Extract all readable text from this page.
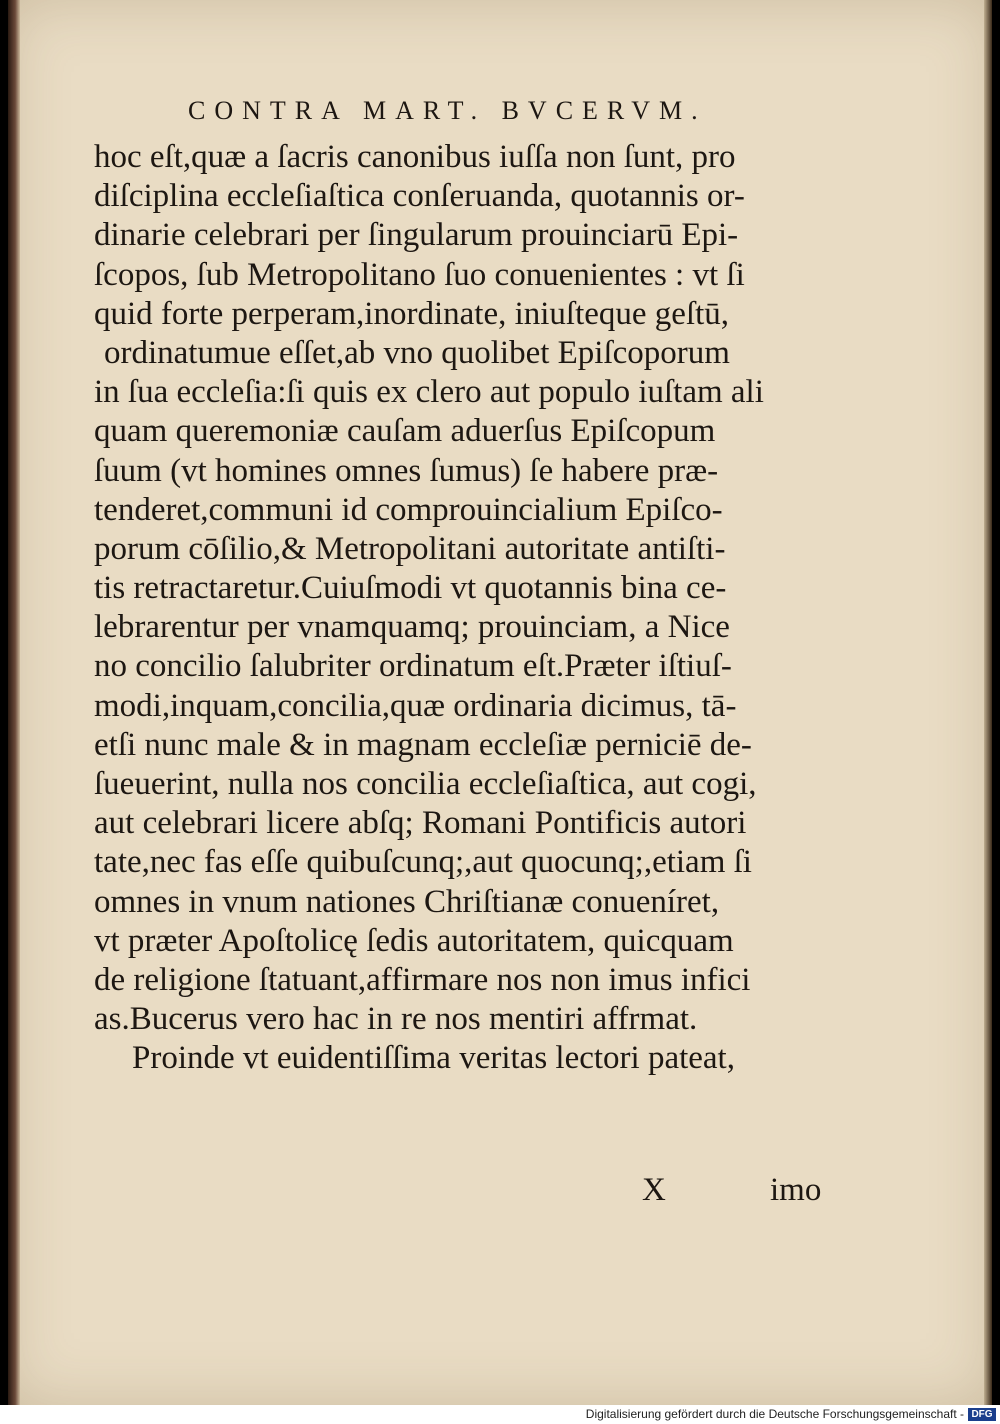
CONTRA MART. BVCERVM.
hoc eſt,quæ a ſacris canonibus iuſſa non ſunt, pro
diſciplina eccleſiaſtica conſeruanda, quotannis or-
dinarie celebrari per ſingularum prouinciarū Epi-
ſcopos, ſub Metropolitano ſuo conuenientes : vt ſi
quid forte perperam,inordinate, iniuſteque geſtū,
ordinatumue eſſet,ab vno quolibet Epiſcoporum
in ſua eccleſia:ſi quis ex clero aut populo iuſtam ali
quam queremoniæ cauſam aduerſus Epiſcopum
ſuum (vt homines omnes ſumus) ſe habere præ-
tenderet,communi id comprouincialium Epiſco-
porum cōſilio,& Metropolitani autoritate antiſti-
tis retractaretur.Cuiuſmodi vt quotannis bina ce-
lebrarentur per vnamquamq; prouinciam, a Nice
no concilio ſalubriter ordinatum eſt.Præter iſtiuſ-
modi,inquam,concilia,quæ ordinaria dicimus, tā-
etſi nunc male & in magnam eccleſiæ perniciē de-
ſueuerint, nulla nos concilia eccleſiaſtica, aut cogi,
aut celebrari licere abſq; Romani Pontificis autori
tate,nec fas eſſe quibuſcunq;,aut quocunq;,etiam ſi
omnes in vnum nationes Chriſtianæ conueníret,
vt præter Apoſtolicę ſedis autoritatem, quicquam
de religione ſtatuant,affirmare nos non imus infici
as.Bucerus vero hac in re nos mentiri affrmat.
Proinde vt euidentiſſima veritas lectori pateat,
X	imo
Digitalisierung gefördert durch die Deutsche Forschungsgemeinschaft - DFG
